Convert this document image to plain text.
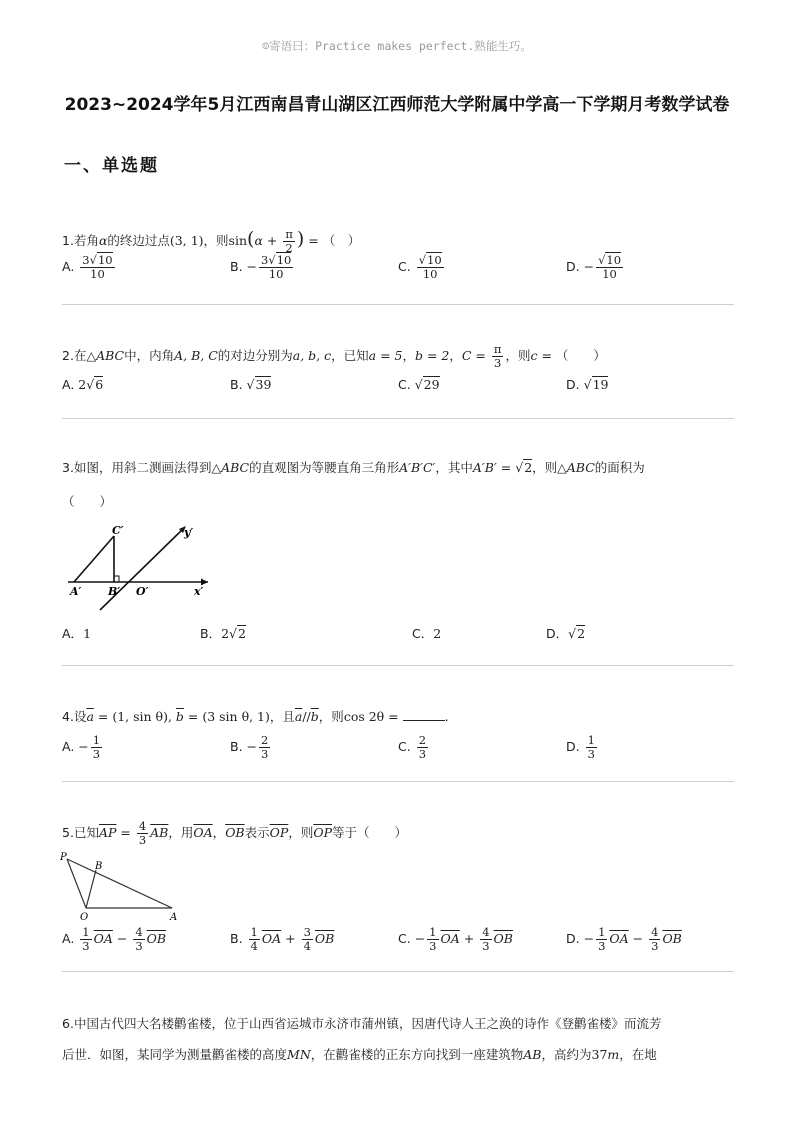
☺寄语曰：Practice makes perfect.熟能生巧。
2023~2024学年5月江西南昌青山湖区江西师范大学附属中学高一下学期月考数学试卷
一、单选题
1.若角α的终边过点(3, 1)，则$\sin(\alpha + \frac{\pi}{2}$ ) = （　）
A. $\frac{3√10}{10}$	B. − $\frac{3√10}{10}$	C. $\frac{√10}{10}$	D. − $\frac{√10}{10}$
2.在△ABC中，内角A, B, C的对边分别为a, b, c，已知a = 5，b = 2，$C = \frac{\pi}{3}$ ，则c = （　　）
A. 2√6	B. √39	C. √29	D. √19
3.如图，用斜二测画法得到△ABC的直观图为等腰直角三角形A′B′C′，其中A′B′ = √2，则△ABC的面积为
（　　）
C′
A′ B′ O′	x′
y′
A．1	B．2√2	C．2	D．√2
4.设$\overline{a} = (1$, sin θ), $\overline{b} = (3$ sin θ, 1)，且$\overline{a}//\overline{b}$，则cos 2θ =	.
A. − $\frac{1}{3}$	B. − $\frac{2}{3}$	C. $\frac{2}{3}$	D. $\frac{1}{3}$
5.已知$\overline{AP} = \frac{4}{3} \overline{AB}$，用$\overline{OA}$，$\overline{OB}$表示$\overline{OP}$，则$\overline{OP}$等于（　　）
P
B
O	A
A. $\frac{1}{3} \overline{OA} - \frac{4}{3} \overline{OB}$	B. $\frac{1}{4} \overline{OA} + \frac{3}{4} \overline{OB}$	C. − $\frac{1}{3} \overline{OA} + \frac{4}{3} \overline{OB}$	D. − $\frac{1}{3} \overline{OA} - \frac{4}{3} \overline{OB}$
6.中国古代四大名楼鹳雀楼，位于山西省运城市永济市蒲州镇，因唐代诗人王之涣的诗作《登鹳雀楼》而流芳
后世．如图，某同学为测量鹳雀楼的高度MN，在鹳雀楼的正东方向找到一座建筑物AB，高约为37m，在地
